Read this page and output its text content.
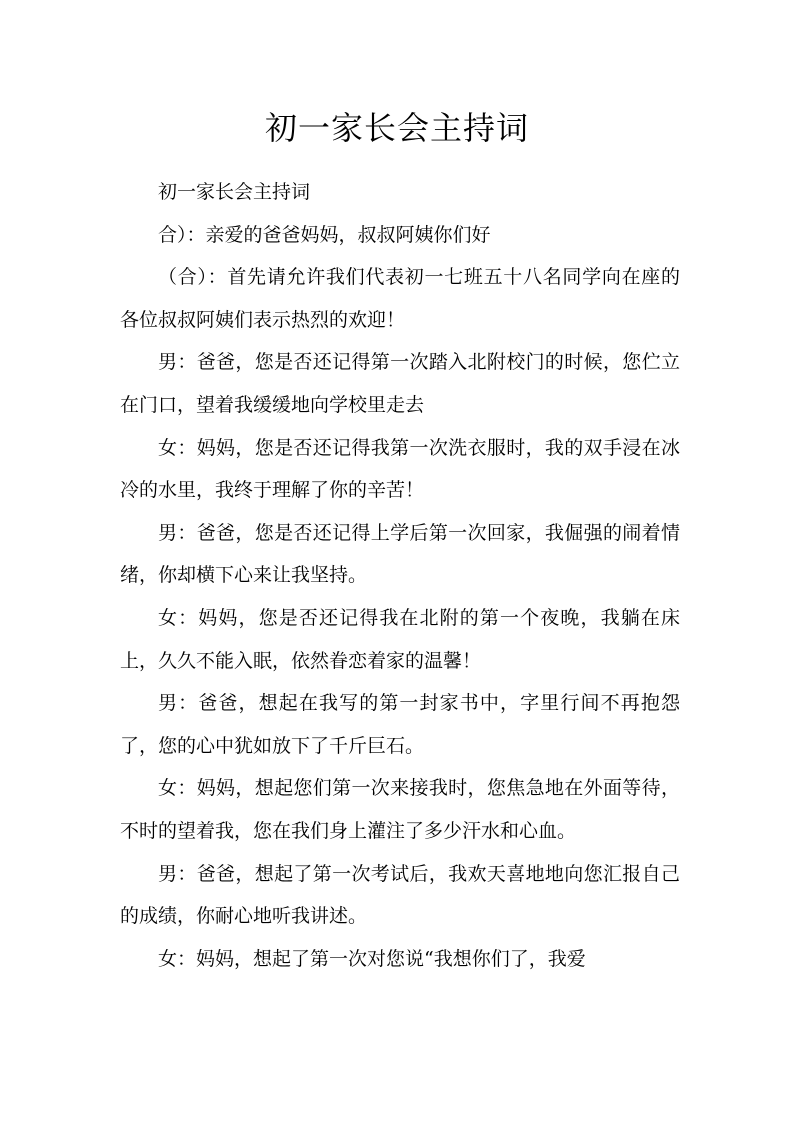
初一家长会主持词

初一家长会主持词

合）：亲爱的爸爸妈妈，叔叔阿姨你们好

（合）：首先请允许我们代表初一七班五十八名同学向在座的各位叔叔阿姨们表示热烈的欢迎！

男：爸爸，您是否还记得第一次踏入北附校门的时候，您伫立在门口，望着我缓缓地向学校里走去

女：妈妈，您是否还记得我第一次洗衣服时，我的双手浸在冰冷的水里，我终于理解了你的辛苦！

男：爸爸，您是否还记得上学后第一次回家，我倔强的闹着情绪，你却横下心来让我坚持。

女：妈妈，您是否还记得我在北附的第一个夜晚，我躺在床上，久久不能入眠，依然眷恋着家的温馨！

男：爸爸，想起在我写的第一封家书中，字里行间不再抱怨了，您的心中犹如放下了千斤巨石。

女：妈妈，想起您们第一次来接我时，您焦急地在外面等待，不时的望着我，您在我们身上灌注了多少汗水和心血。

男：爸爸，想起了第一次考试后，我欢天喜地地向您汇报自己的成绩，你耐心地听我讲述。

女：妈妈，想起了第一次对您说“我想你们了，我爱
